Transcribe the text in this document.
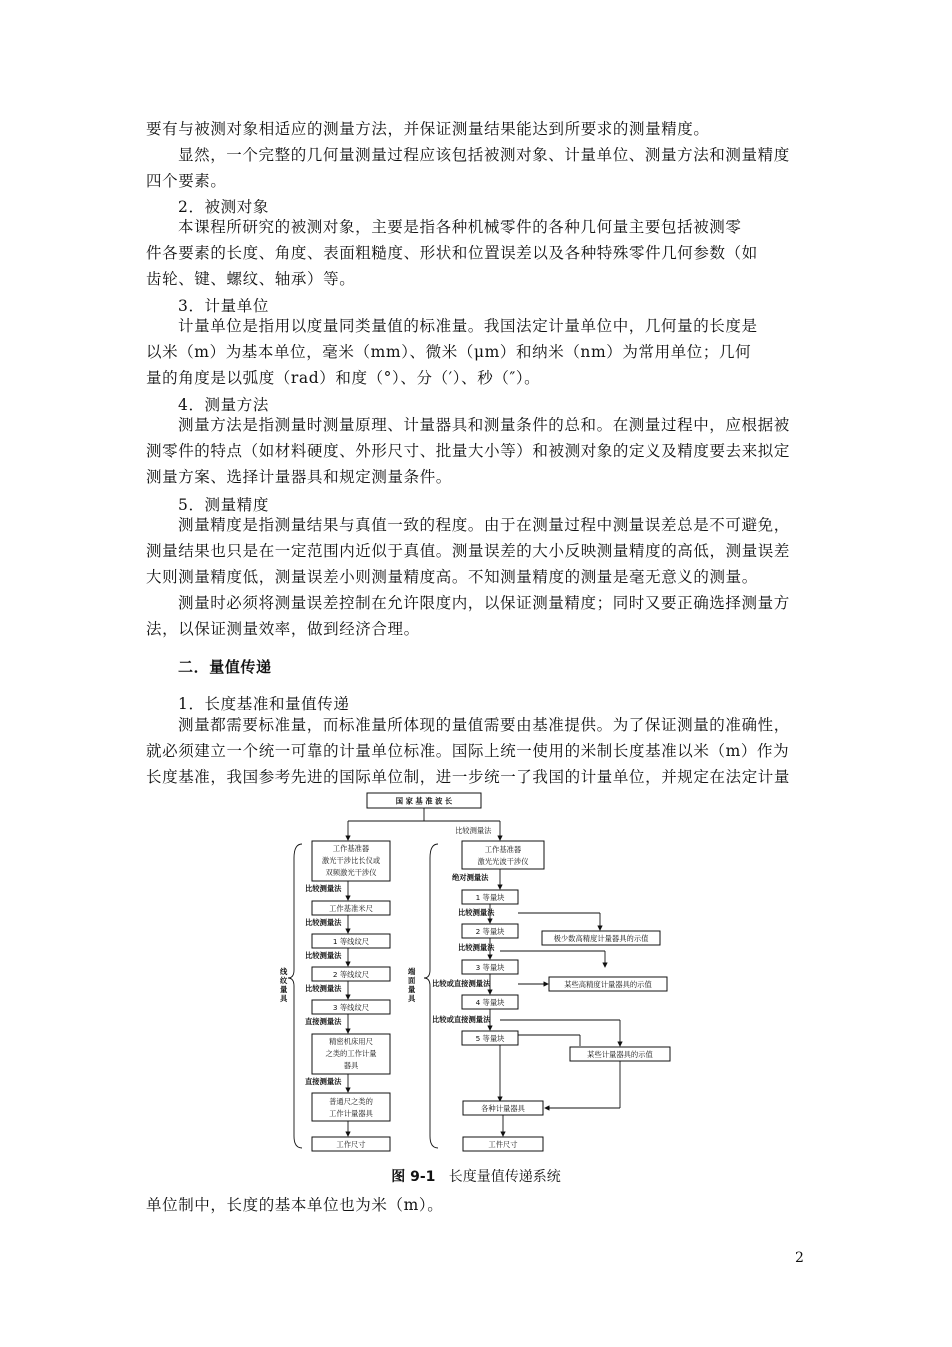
要有与被测对象相适应的测量方法，并保证测量结果能达到所要求的测量精度。
显然，一个完整的几何量测量过程应该包括被测对象、计量单位、测量方法和测量精度
四个要素。
2．被测对象
本课程所研究的被测对象，主要是指各种机械零件的各种几何量主要包括被测零
件各要素的长度、角度、表面粗糙度、形状和位置误差以及各种特殊零件几何参数（如
齿轮、键、螺纹、轴承）等。
3．计量单位
计量单位是指用以度量同类量值的标准量。我国法定计量单位中，几何量的长度是
以米（m）为基本单位，毫米（mm）、微米（μm）和纳米（nm）为常用单位；几何
量的角度是以弧度（rad）和度（°）、分（′）、秒（″）。
4．测量方法
测量方法是指测量时测量原理、计量器具和测量条件的总和。在测量过程中，应根据被
测零件的特点（如材料硬度、外形尺寸、批量大小等）和被测对象的定义及精度要去来拟定
测量方案、选择计量器具和规定测量条件。
5．测量精度
测量精度是指测量结果与真值一致的程度。由于在测量过程中测量误差总是不可避免，
测量结果也只是在一定范围内近似于真值。测量误差的大小反映测量精度的高低，测量误差
大则测量精度低，测量误差小则测量精度高。不知测量精度的测量是毫无意义的测量。
测量时必须将测量误差控制在允许限度内，以保证测量精度；同时又要正确选择测量方
法，以保证测量效率，做到经济合理。
二．量值传递
1．长度基准和量值传递
测量都需要标准量，而标准量所体现的量值需要由基准提供。为了保证测量的准确性，
就必须建立一个统一可靠的计量单位标准。国际上统一使用的米制长度基准以米（m）作为
长度基准，我国参考先进的国际单位制，进一步统一了我国的计量单位，并规定在法定计量
国 家 基 准 波 长
比较测量法
线
纹
量
具
工作基准器
激光干涉比长仪或
双频激光干涉仪
比较测量法
工作基准米尺
比较测量法
1 等线纹尺
比较测量法
2 等线纹尺
比较测量法
3 等线纹尺
直接测量法
精密机床用尺
之类的工作计量
器具
直接测量法
普通尺之类的
工作计量器具
工作尺寸
端
面
量
具
工作基准器
激光光波干涉仪
绝对测量法
1 等量块
比较测量法
2 等量块
比较测量法
3 等量块
比较或直接测量法
4 等量块
比较或直接测量法
5 等量块
极少数高精度计量器具的示值
某些高精度计量器具的示值
某些计量器具的示值
各种计量器具
工件尺寸
图 9-1 长度量值传递系统
单位制中，长度的基本单位也为米（m）。
2
